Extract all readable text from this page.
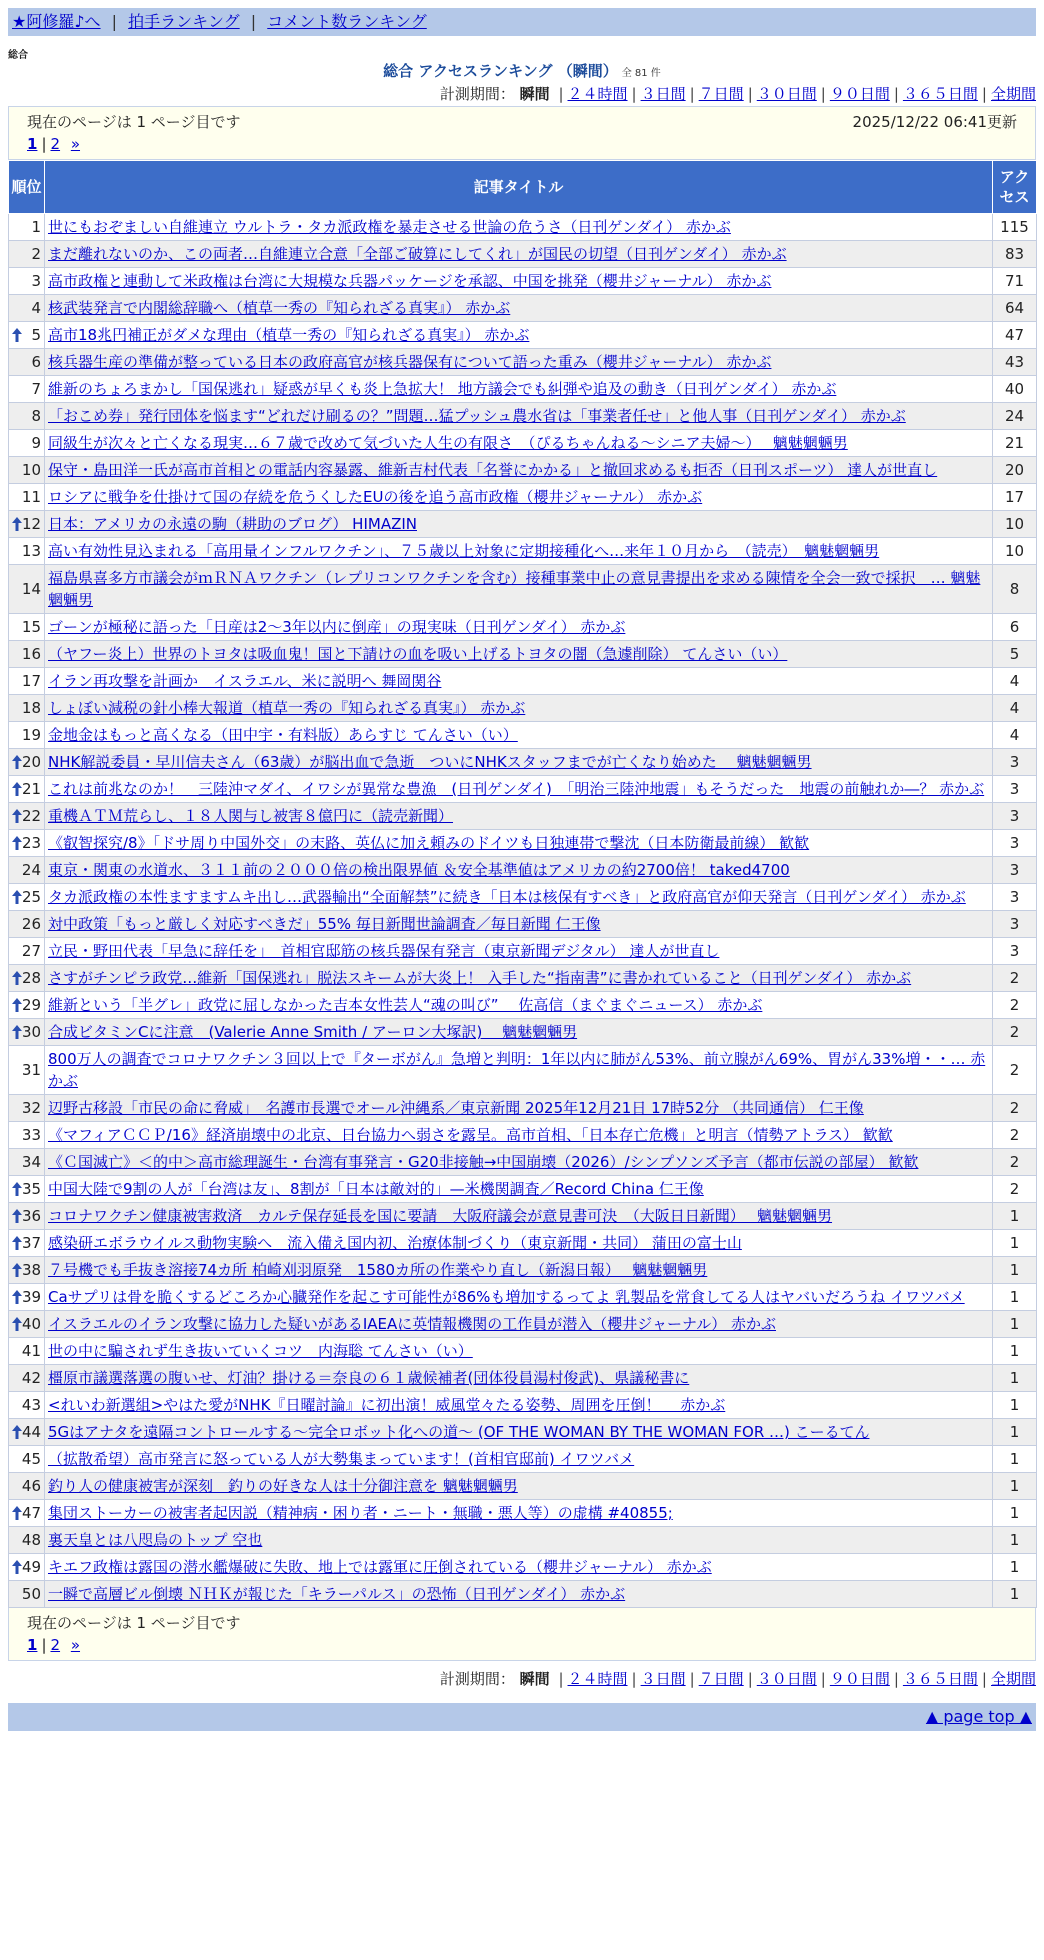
★阿修羅♪へ | 拍手ランキング | コメント数ランキング
総合
総合 アクセスランキング （瞬間） 全 81 件
計測期間： 瞬間 | ２４時間 | ３日間 | ７日間 | ３０日間 | ９０日間 | ３６５日間 | 全期間
現在のページは 1 ページ目です	2025/12/22 06:41更新
1 | 2 »
順位	記事タイトル	アクセス
1	世にもおぞましい自維連立 ウルトラ・タカ派政権を暴走させる世論の危うさ（日刊ゲンダイ） 赤かぶ	115
2	まだ離れないのか、この両者…自維連立合意「全部ご破算にしてくれ」が国民の切望（日刊ゲンダイ） 赤かぶ	83
3	高市政権と連動して米政権は台湾に大規模な兵器パッケージを承認、中国を挑発（櫻井ジャーナル） 赤かぶ	71
4	核武装発言で内閣総辞職へ（植草一秀の『知られざる真実』） 赤かぶ	64

5	高市18兆円補正がダメな理由（植草一秀の『知られざる真実』） 赤かぶ	47
6	核兵器生産の準備が整っている日本の政府高官が核兵器保有について語った重み（櫻井ジャーナル） 赤かぶ	43
7	維新のちょろまかし「国保逃れ」疑惑が早くも炎上急拡大！ 地方議会でも糾弾や追及の動き（日刊ゲンダイ） 赤かぶ	40
8	「おこめ券」発行団体を悩ます“どれだけ刷るの？”問題…猛プッシュ農水省は「事業者任せ」と他人事（日刊ゲンダイ） 赤かぶ	24
9	同級生が次々と亡くなる現実…６７歳で改めて気づいた人生の有限さ　（ぴるちゃんねる～シニア夫婦～）　 魑魅魍魎男	21
10	保守・島田洋一氏が高市首相との電話内容暴露、維新吉村代表「名誉にかかる」と撤回求めるも拒否（日刊スポーツ） 達人が世直し	20
11	ロシアに戦争を仕掛けて国の存続を危うくしたEUの後を追う高市政権（櫻井ジャーナル） 赤かぶ	17

12	日本：アメリカの永遠の駒（耕助のブログ） HIMAZIN	10
13	高い有効性見込まれる「高用量インフルワクチン」、７５歳以上対象に定期接種化へ…来年１０月から　（読売）　魑魅魍魎男	10
14	福島県喜多方市議会がｍＲＮＡワクチン（レプリコンワクチンを含む）接種事業中止の意見書提出を求める陳情を全会一致で採択　… 魑魅魍魎男	8
15	ゴーンが極秘に語った「日産は2～3年以内に倒産」の現実味（日刊ゲンダイ） 赤かぶ	6
16	（ヤフー炎上）世界のトヨタは吸血鬼！国と下請けの血を吸い上げるトヨタの闇（急遽削除） てんさい（い）	5
17	イラン再攻撃を計画か　イスラエル、米に説明へ 舞岡関谷	4
18	しょぼい減税の針小棒大報道（植草一秀の『知られざる真実』） 赤かぶ	4
19	金地金はもっと高くなる（田中宇・有料版）あらすじ てんさい（い）	4

20	NHK解説委員・早川信夫さん（63歳）が脳出血で急逝　ついにNHKスタッフまでが亡くなり始めた　 魑魅魍魎男	3

21	これは前兆なのか！　三陸沖マダイ、イワシが異常な豊漁　(日刊ゲンダイ)　「明治三陸沖地震」もそうだった　地震の前触れか―？ 赤かぶ	3

22	重機ＡＴＭ荒らし、１８人関与し被害８億円に（読売新聞）	3

23	《叡智探究/8》「ドサ周り中国外交」の末路、英仏に加え頼みのドイツも日独連帯で撃沈（日本防衛最前線） 歓歓	3
24	東京・関東の水道水、３１１前の２０００倍の検出限界値 ＆安全基準値はアメリカの約2700倍！ taked4700	3

25	タカ派政権の本性ますますムキ出し…武器輸出“全面解禁”に続き「日本は核保有すべき」と政府高官が仰天発言（日刊ゲンダイ） 赤かぶ	3
26	対中政策「もっと厳しく対応すべきだ」55% 毎日新聞世論調査／毎日新聞 仁王像	3
27	立民・野田代表「早急に辞任を」　首相官邸筋の核兵器保有発言（東京新聞デジタル） 達人が世直し	3

28	さすがチンピラ政党…維新「国保逃れ」脱法スキームが大炎上！ 入手した“指南書”に書かれていること（日刊ゲンダイ） 赤かぶ	2

29	維新という「半グレ」政党に屈しなかった吉本女性芸人“魂の叫び”　 佐高信（まぐまぐニュース） 赤かぶ	2

30	合成ビタミンCに注意　(Valerie Anne Smith / アーロン大塚訳)　 魑魅魍魎男	2
31	800万人の調査でコロナワクチン３回以上で『ターボがん』急増と判明：1年以内に肺がん53%、前立腺がん69%、胃がん33%増・・… 赤かぶ	2
32	辺野古移設「市民の命に脅威」　名護市長選でオール沖縄系／東京新聞 2025年12月21日 17時52分 （共同通信） 仁王像	2
33	《マフィアＣＣＰ/16》経済崩壊中の北京、日台協力へ弱さを露呈。高市首相、「日本存亡危機」と明言（情勢アトラス） 歓歓	2
34	《Ｃ国滅亡》＜的中＞高市総理誕生・台湾有事発言・G20非接触→中国崩壊（2026）/シンプソンズ予言（都市伝説の部屋） 歓歓	2

35	中国大陸で9割の人が「台湾は友」、8割が「日本は敵対的」—米機関調査／Record China 仁王像	2

36	コロナワクチン健康被害救済　カルテ保存延長を国に要請　大阪府議会が意見書可決　（大阪日日新聞）　 魑魅魍魎男	1

37	感染研エボラウイルス動物実験へ　流入備え国内初、治療体制づくり（東京新聞・共同） 蒲田の富士山	1

38	７号機でも手抜き溶接74カ所 柏崎刈羽原発　1580カ所の作業やり直し（新潟日報）　 魑魅魍魎男	1

39	Caサプリは骨を脆くするどころか心臓発作を起こす可能性が86%も増加するってよ 乳製品を常食してる人はヤバいだろうね イワツバメ	1

40	イスラエルのイラン攻撃に協力した疑いがあるIAEAに英情報機関の工作員が潜入（櫻井ジャーナル） 赤かぶ	1
41	世の中に騙されず生き抜いていくコツ　内海聡 てんさい（い）	1
42	橿原市議選落選の腹いせ、灯油？掛ける＝奈良の６１歳候補者(団体役員湯村俊武)、県議秘書に	1
43	<れいわ新選組>やはた愛がNHK『日曜討論』に初出演！威風堂々たる姿勢、周囲を圧倒！　 赤かぶ	1

44	5Gはアナタを遠隔コントロールする～完全ロボット化への道～ (OF THE WOMAN BY THE WOMAN FOR …) こーるてん	1
45	（拡散希望）高市発言に怒っている人が大勢集まっています！(首相官邸前) イワツバメ	1
46	釣り人の健康被害が深刻　釣りの好きな人は十分御注意を 魑魅魍魎男	1

47	集団ストーカーの被害者起因説（精神病・困り者・ニート・無職・悪人等）の虚構 #40855;	1
48	裏天皇とは八咫烏のトップ 空也	1

49	キエフ政権は露国の潜水艦爆破に失敗、地上では露軍に圧倒されている（櫻井ジャーナル） 赤かぶ	1
50	一瞬で高層ビル倒壊 ＮＨＫが報じた「キラーパルス」の恐怖（日刊ゲンダイ） 赤かぶ	1
現在のページは 1 ページ目です
1 | 2 »
計測期間： 瞬間 | ２４時間 | ３日間 | ７日間 | ３０日間 | ９０日間 | ３６５日間 | 全期間
▲ page top ▲
